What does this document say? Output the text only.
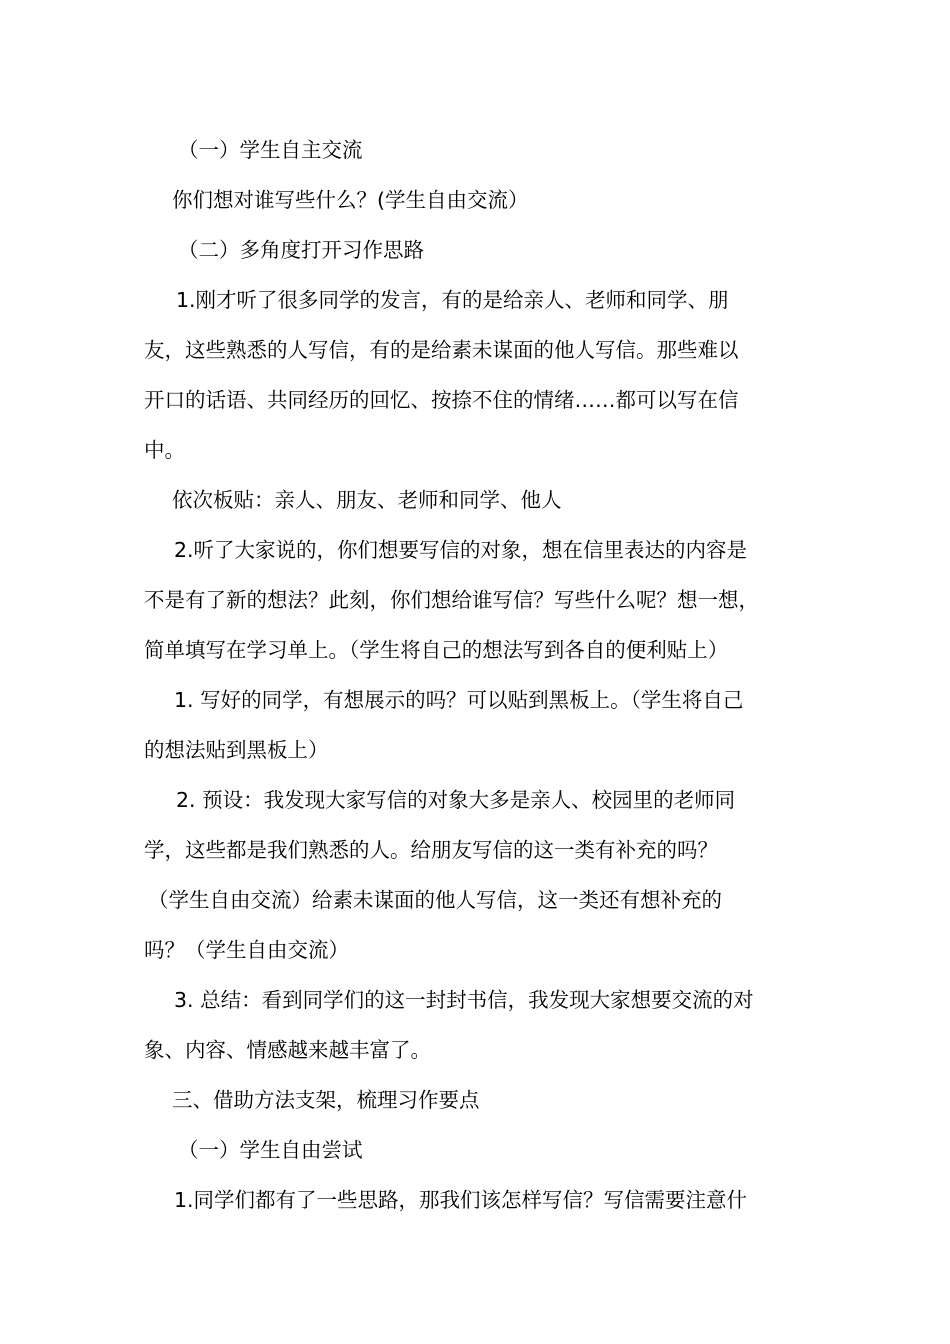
（一）学生自主交流
你们想对谁写些什么？(学生自由交流）
（二）多角度打开习作思路
1.刚才听了很多同学的发言，有的是给亲人、老师和同学、朋
友，这些熟悉的人写信，有的是给素未谋面的他人写信。那些难以
开口的话语、共同经历的回忆、按捺不住的情绪……都可以写在信
中。
依次板贴：亲人、朋友、老师和同学、他人
2.听了大家说的，你们想要写信的对象，想在信里表达的内容是
不是有了新的想法？此刻，你们想给谁写信？写些什么呢？想一想，
简单填写在学习单上。（学生将自己的想法写到各自的便利贴上）
1. 写好的同学，有想展示的吗？可以贴到黑板上。（学生将自己
的想法贴到黑板上）
2. 预设：我发现大家写信的对象大多是亲人、校园里的老师同
学，这些都是我们熟悉的人。给朋友写信的这一类有补充的吗？
（学生自由交流）给素未谋面的他人写信，这一类还有想补充的
吗？（学生自由交流）
3. 总结：看到同学们的这一封封书信，我发现大家想要交流的对
象、内容、情感越来越丰富了。
三、借助方法支架，梳理习作要点
（一）学生自由尝试
1.同学们都有了一些思路，那我们该怎样写信？写信需要注意什
